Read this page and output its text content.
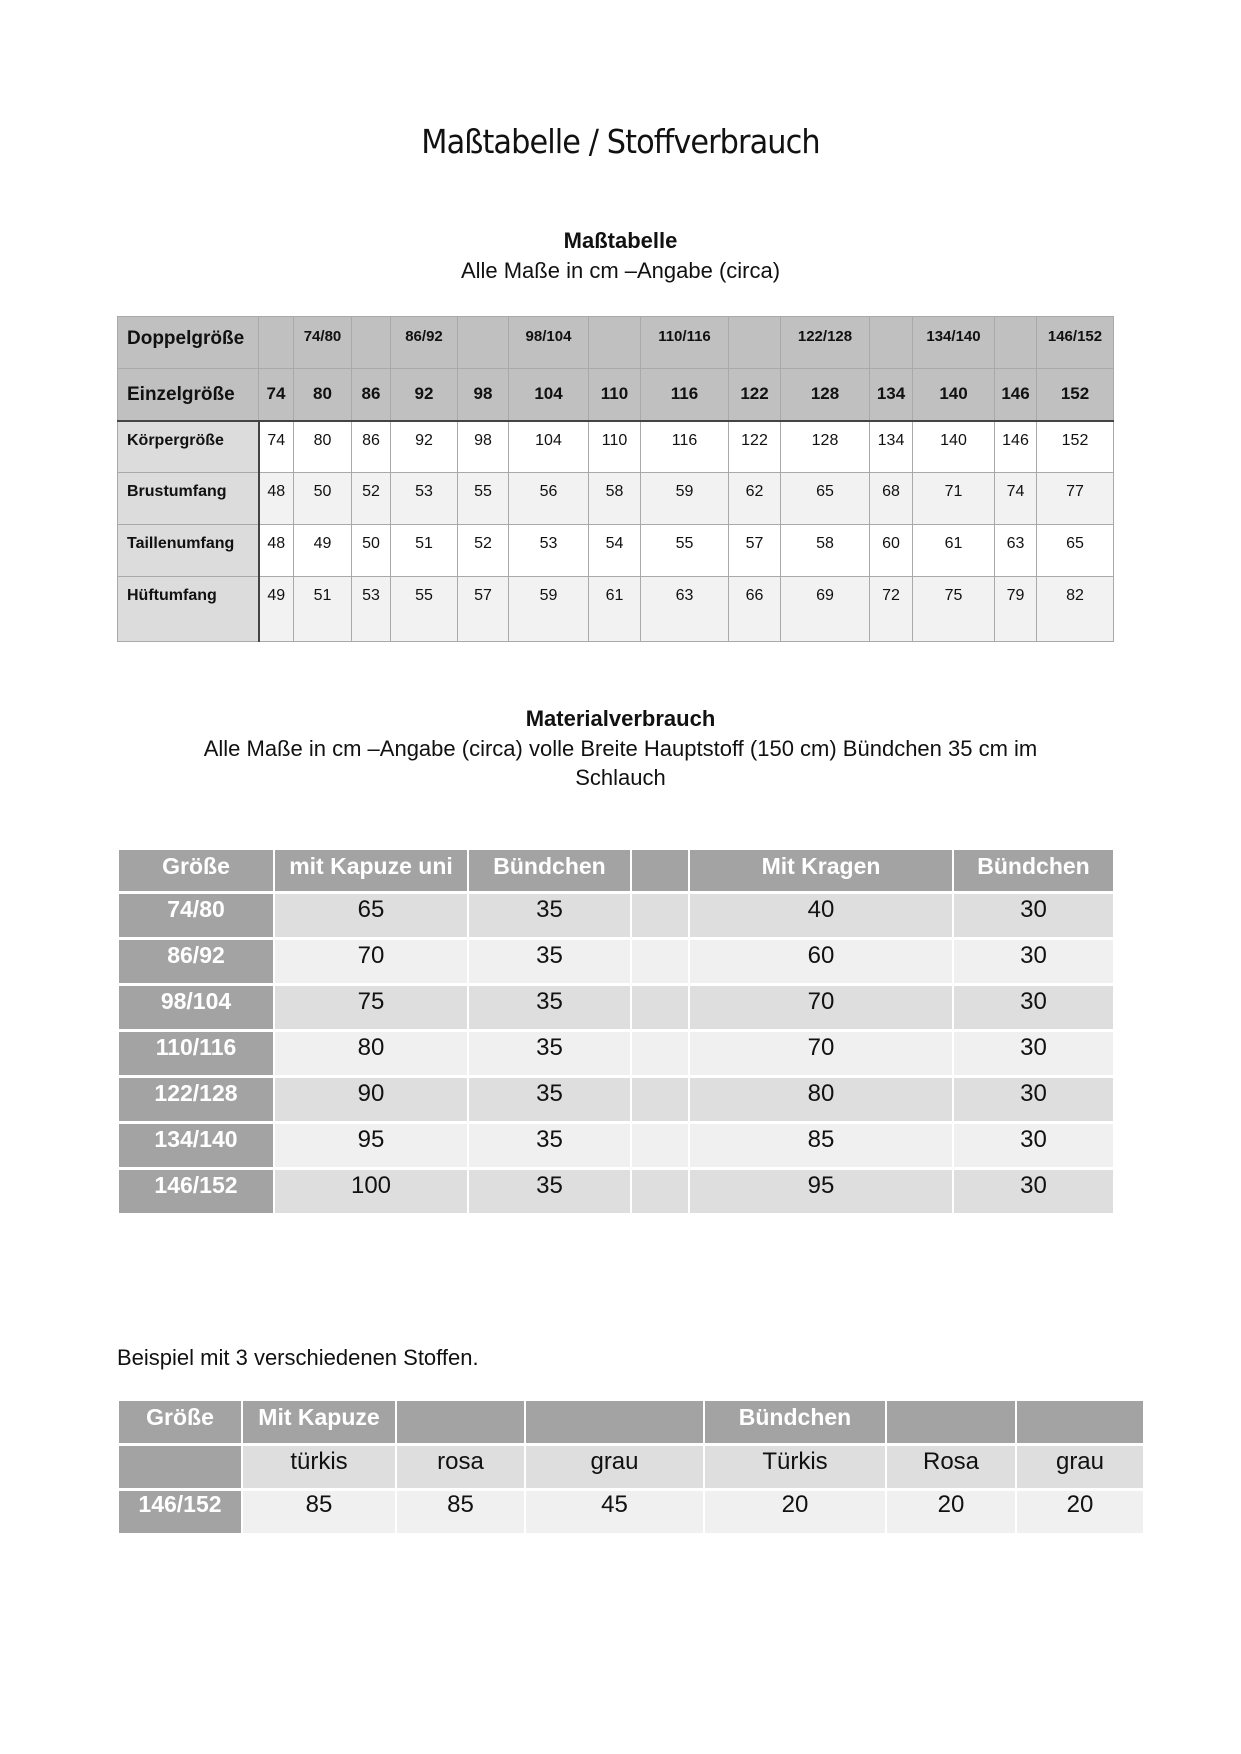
Maßtabelle / Stoffverbrauch
Maßtabelle
Alle Maße in cm –Angabe (circa)
Doppelgröße		74/80		86/92		98/104		110/116		122/128		134/140		146/152
Einzelgröße	74	80	86	92	98	104	110	116	122	128	134	140	146	152
Körpergröße	74	80	86	92	98	104	110	116	122	128	134	140	146	152
Brustumfang	48	50	52	53	55	56	58	59	62	65	68	71	74	77
Taillenumfang	48	49	50	51	52	53	54	55	57	58	60	61	63	65
Hüftumfang	49	51	53	55	57	59	61	63	66	69	72	75	79	82
Materialverbrauch
Alle Maße in cm –Angabe (circa) volle Breite Hauptstoff (150 cm) Bündchen 35 cm im
Schlauch
Größe	mit Kapuze uni	Bündchen		Mit Kragen	Bündchen
74/80	65	35		40	30
86/92	70	35		60	30
98/104	75	35		70	30
110/116	80	35		70	30
122/128	90	35		80	30
134/140	95	35		85	30
146/152	100	35		95	30
Beispiel mit 3 verschiedenen Stoffen.
Größe	Mit Kapuze			Bündchen		
	türkis	rosa	grau	Türkis	Rosa	grau
146/152	85	85	45	20	20	20
